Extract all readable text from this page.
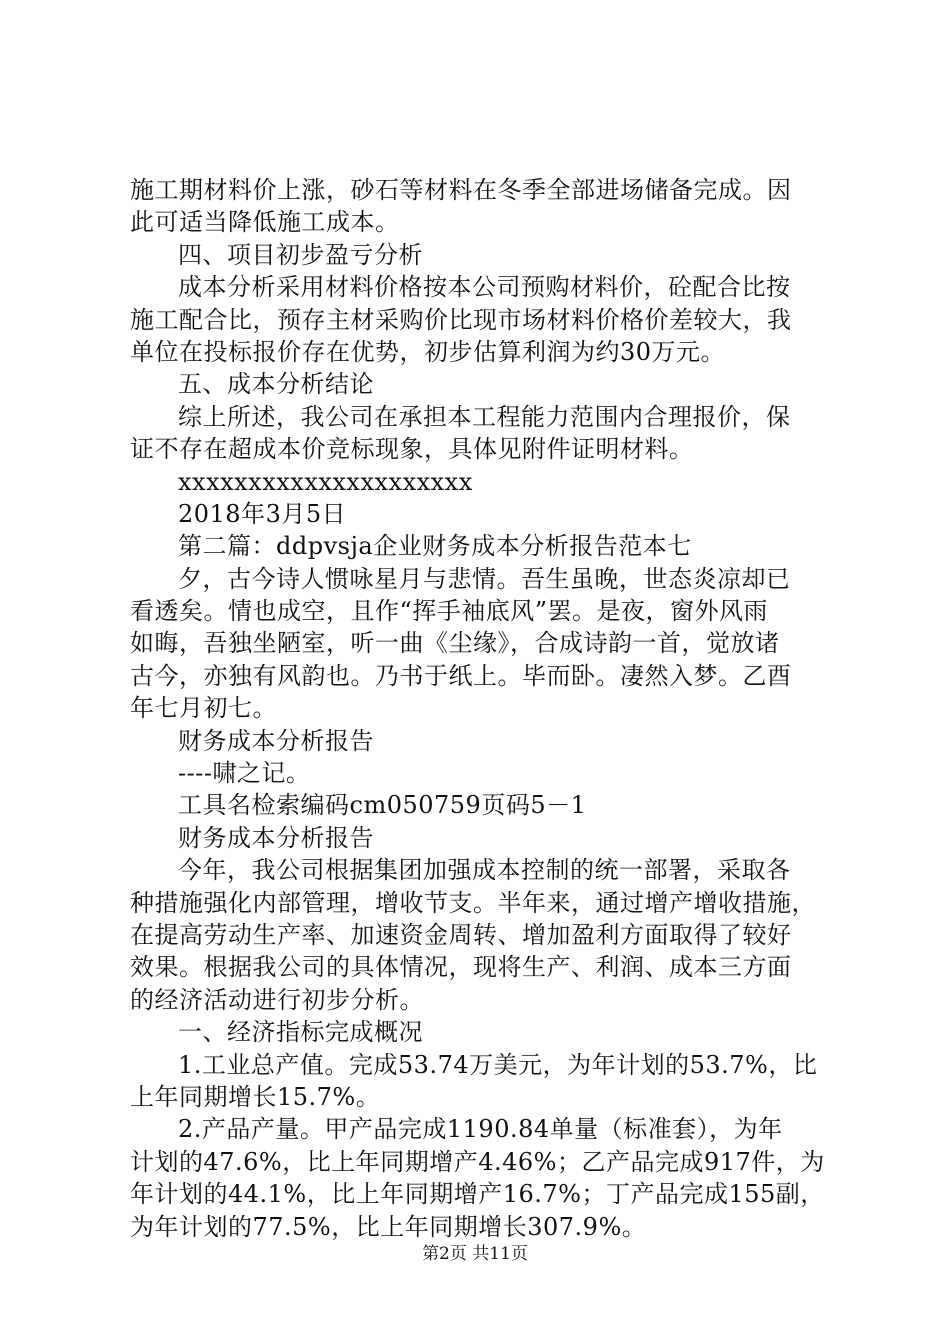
施工期材料价上涨，砂石等材料在冬季全部进场储备完成。因
此可适当降低施工成本。
四、项目初步盈亏分析
成本分析采用材料价格按本公司预购材料价，砼配合比按
施工配合比，预存主材采购价比现市场材料价格价差较大，我
单位在投标报价存在优势，初步估算利润为约30万元。
五、成本分析结论
综上所述，我公司在承担本工程能力范围内合理报价，保
证不存在超成本价竞标现象，具体见附件证明材料。
xxxxxxxxxxxxxxxxxxxxx
2018年3月5日
第二篇：ddpvsja企业财务成本分析报告范本七
夕，古今诗人惯咏星月与悲情。吾生虽晚，世态炎凉却已
看透矣。情也成空，且作“挥手袖底风”罢。是夜，窗外风雨
如晦，吾独坐陋室，听一曲《尘缘》，合成诗韵一首，觉放诸
古今，亦独有风韵也。乃书于纸上。毕而卧。凄然入梦。乙酉
年七月初七。
财务成本分析报告
----啸之记。
工具名检索编码cm050759页码5－1
财务成本分析报告
今年，我公司根据集团加强成本控制的统一部署，采取各
种措施强化内部管理，增收节支。半年来，通过增产增收措施，
在提高劳动生产率、加速资金周转、增加盈利方面取得了较好
效果。根据我公司的具体情况，现将生产、利润、成本三方面
的经济活动进行初步分析。
一、经济指标完成概况
1.工业总产值。完成53.74万美元，为年计划的53.7%，比
上年同期增长15.7%。
2.产品产量。甲产品完成1190.84单量（标准套），为年
计划的47.6%，比上年同期增产4.46%；乙产品完成917件，为
年计划的44.1%，比上年同期增产16.7%；丁产品完成155副，
为年计划的77.5%，比上年同期增长307.9%。
第2页 共11页
